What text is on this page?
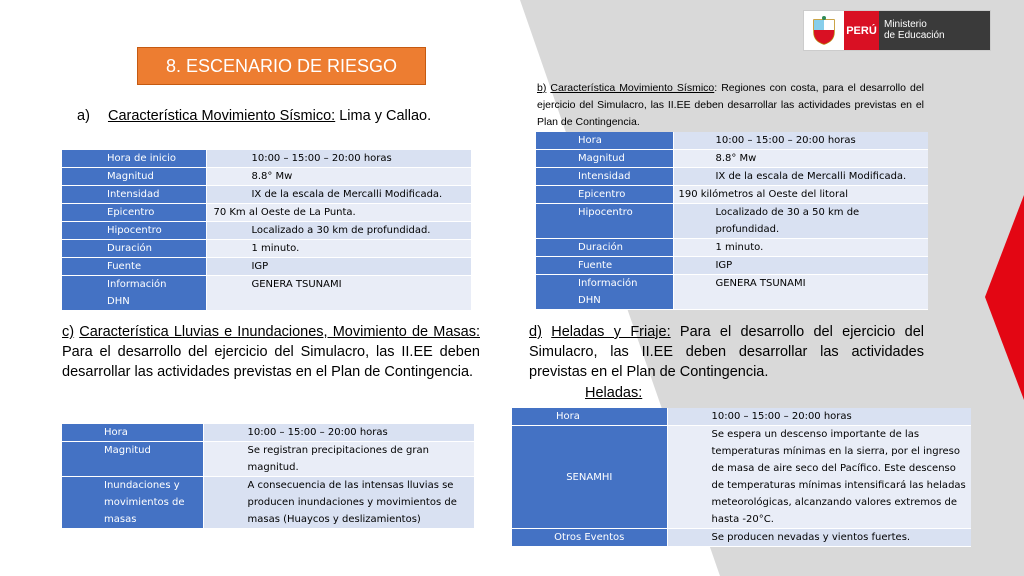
PERÚ Ministerio
de Educación
8. ESCENARIO DE RIESGO
a) Característica Movimiento Sísmico: Lima y Callao.
Hora de inicio	10:00 – 15:00 – 20:00 horas
Magnitud	8.8° Mw
Intensidad	IX de la escala de Mercalli Modificada.
Epicentro	70 Km al Oeste de La Punta.
Hipocentro	Localizado a 30 km de profundidad.
Duración	1 minuto.
Fuente	IGP
Información DHN	GENERA TSUNAMI
b) Característica Movimiento Sísmico: Regiones con costa, para el desarrollo del ejercicio del Simulacro, las II.EE deben desarrollar las actividades previstas en el Plan de Contingencia.
Hora	10:00 – 15:00 – 20:00 horas
Magnitud	8.8° Mw
Intensidad	IX de la escala de Mercalli Modificada.
Epicentro	190 kilómetros al Oeste del litoral
Hipocentro	Localizado de 30 a 50 km de profundidad.
Duración	1 minuto.
Fuente	IGP
Información DHN	GENERA TSUNAMI
c) Característica Lluvias e Inundaciones, Movimiento de Masas: Para el desarrollo del ejercicio del Simulacro, las II.EE deben desarrollar las actividades previstas en el Plan de Contingencia.
Hora	10:00 – 15:00 – 20:00 horas
Magnitud	Se registran precipitaciones de gran magnitud.
Inundaciones y movimientos de masas	A consecuencia de las intensas lluvias se producen inundaciones y movimientos de masas (Huaycos y deslizamientos)
d) Heladas y Friaje: Para el desarrollo del ejercicio del Simulacro, las II.EE deben desarrollar las actividades previstas en el Plan de Contingencia.
Heladas:
Hora	10:00 – 15:00 – 20:00 horas
SENAMHI	Se espera un descenso importante de las temperaturas mínimas en la sierra, por el ingreso de masa de aire seco del Pacífico. Este descenso de temperaturas mínimas intensificará las heladas meteorológicas, alcanzando valores extremos de hasta -20°C.
Otros Eventos	Se producen nevadas y vientos fuertes.
